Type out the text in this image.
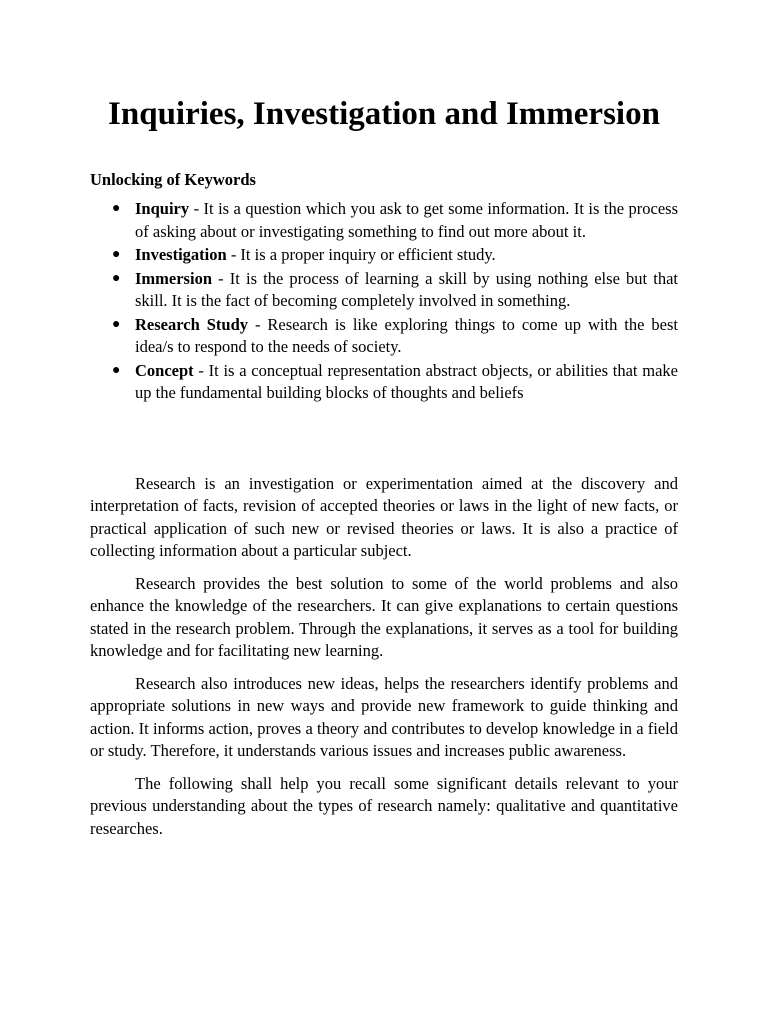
Inquiries, Investigation and Immersion
Unlocking of Keywords
● Inquiry - It is a question which you ask to get some information. It is the process of asking about or investigating something to find out more about it.
● Investigation - It is a proper inquiry or efficient study.
● Immersion - It is the process of learning a skill by using nothing else but that skill. It is the fact of becoming completely involved in something.
● Research Study - Research is like exploring things to come up with the best idea/s to respond to the needs of society.
● Concept - It is a conceptual representation abstract objects, or abilities that make up the fundamental building blocks of thoughts and beliefs

Research is an investigation or experimentation aimed at the discovery and interpretation of facts, revision of accepted theories or laws in the light of new facts, or practical application of such new or revised theories or laws. It is also a practice of collecting information about a particular subject.

Research provides the best solution to some of the world problems and also enhance the knowledge of the researchers. It can give explanations to certain questions stated in the research problem. Through the explanations, it serves as a tool for building knowledge and for facilitating new learning.

Research also introduces new ideas, helps the researchers identify problems and appropriate solutions in new ways and provide new framework to guide thinking and action. It informs action, proves a theory and contributes to develop knowledge in a field or study. Therefore, it understands various issues and increases public awareness.

The following shall help you recall some significant details relevant to your previous understanding about the types of research namely: qualitative and quantitative researches.
